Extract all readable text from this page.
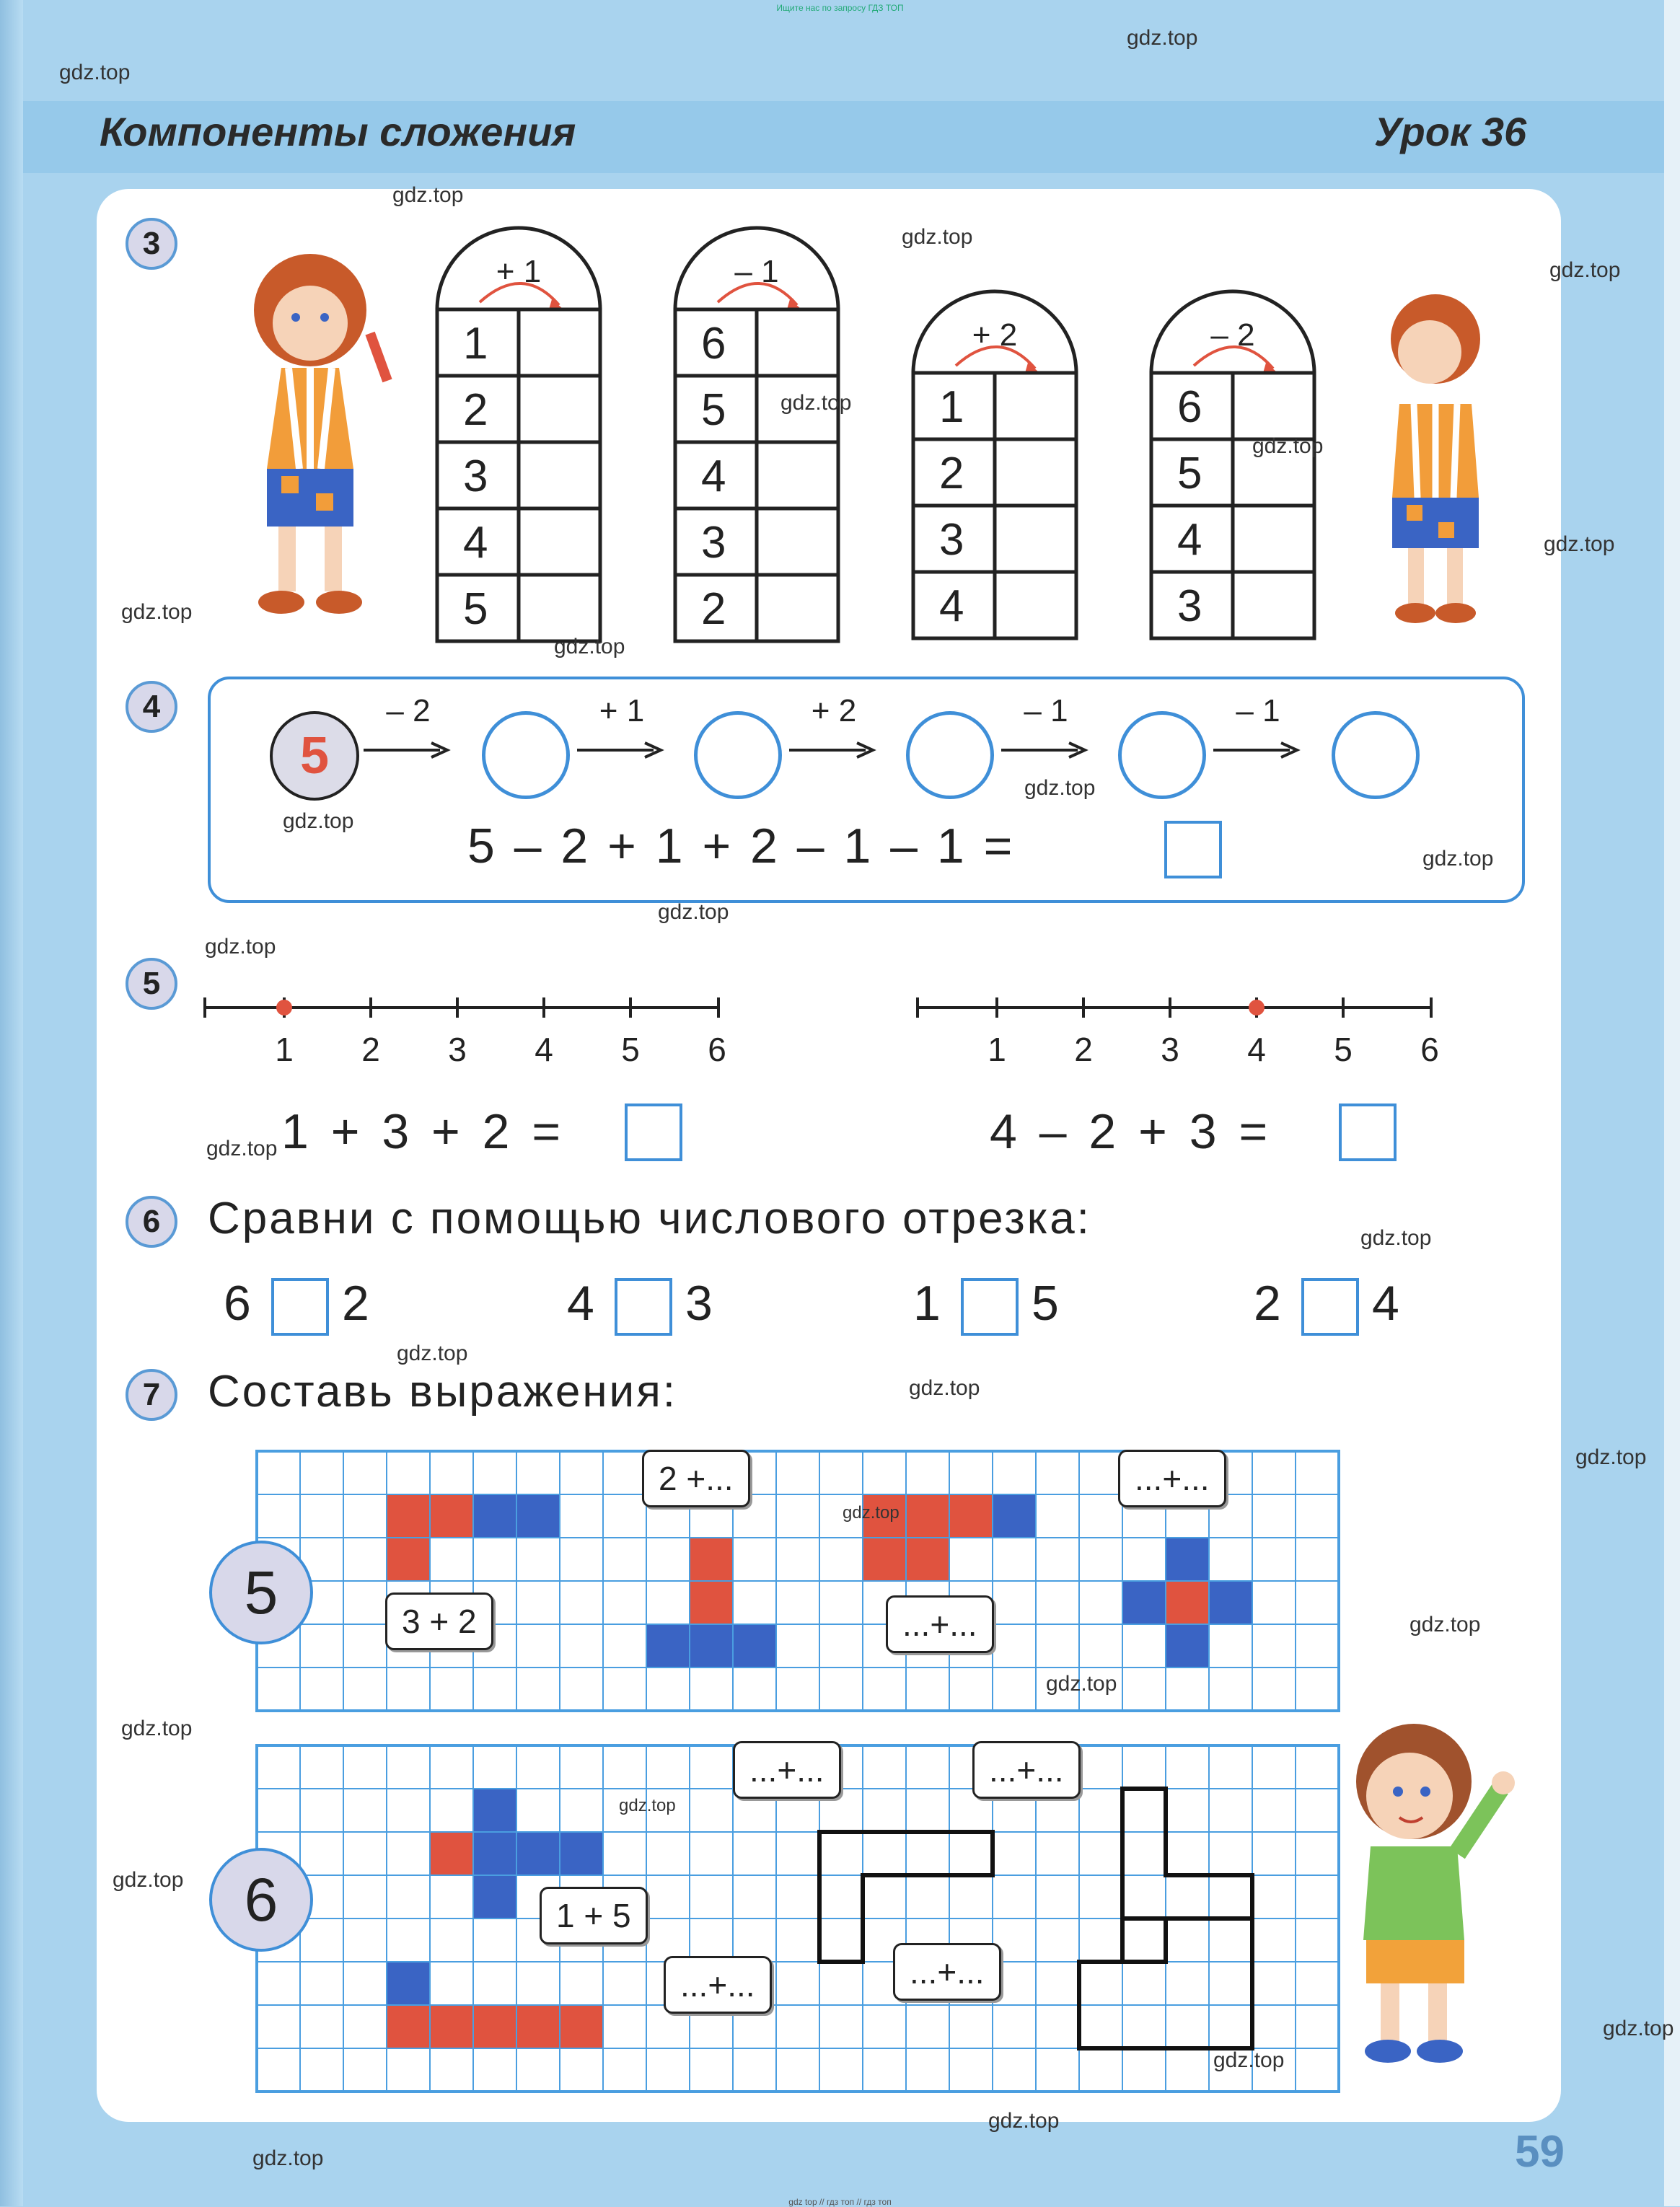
Ищите нас по запросу ГДЗ ТОП
Компоненты сложения	Урок 36
3
+ 1
1
2
3
4
5
– 1
6
5
4
3
2
+ 2
1
2
3
4
– 2
6
5
4
3
4
5
– 2	+ 1	+ 2	– 1	– 1
5 – 2 + 1 + 2 – 1 – 1 =
5
1 2 3 4 5 6	1 2 3 4 5 6
1 + 3 + 2 =	4 – 2 + 3 =
6	Сравни с помощью числового отрезка:
6 2	4 3	1 5	2 4
7	Составь выражения:
5
6
3 + 2
2 +...
...+...
...+...
1 + 5
...+...	...+...
...+...	...+...
59
gdz top // гдз топ // гдз топ
gdz.top
gdz.top
gdz.top
gdz.top
gdz.top
gdz.top
gdz.top
gdz.top
gdz.top
gdz.top
gdz.top
gdz.top
gdz.top
gdz.top
gdz.top
gdz.top
gdz.top
gdz.top
gdz.top
gdz.top
gdz.top
gdz.top
gdz.top
gdz.top
gdz.top
gdz.top
gdz.top
gdz.top
gdz.top
gdz.top
